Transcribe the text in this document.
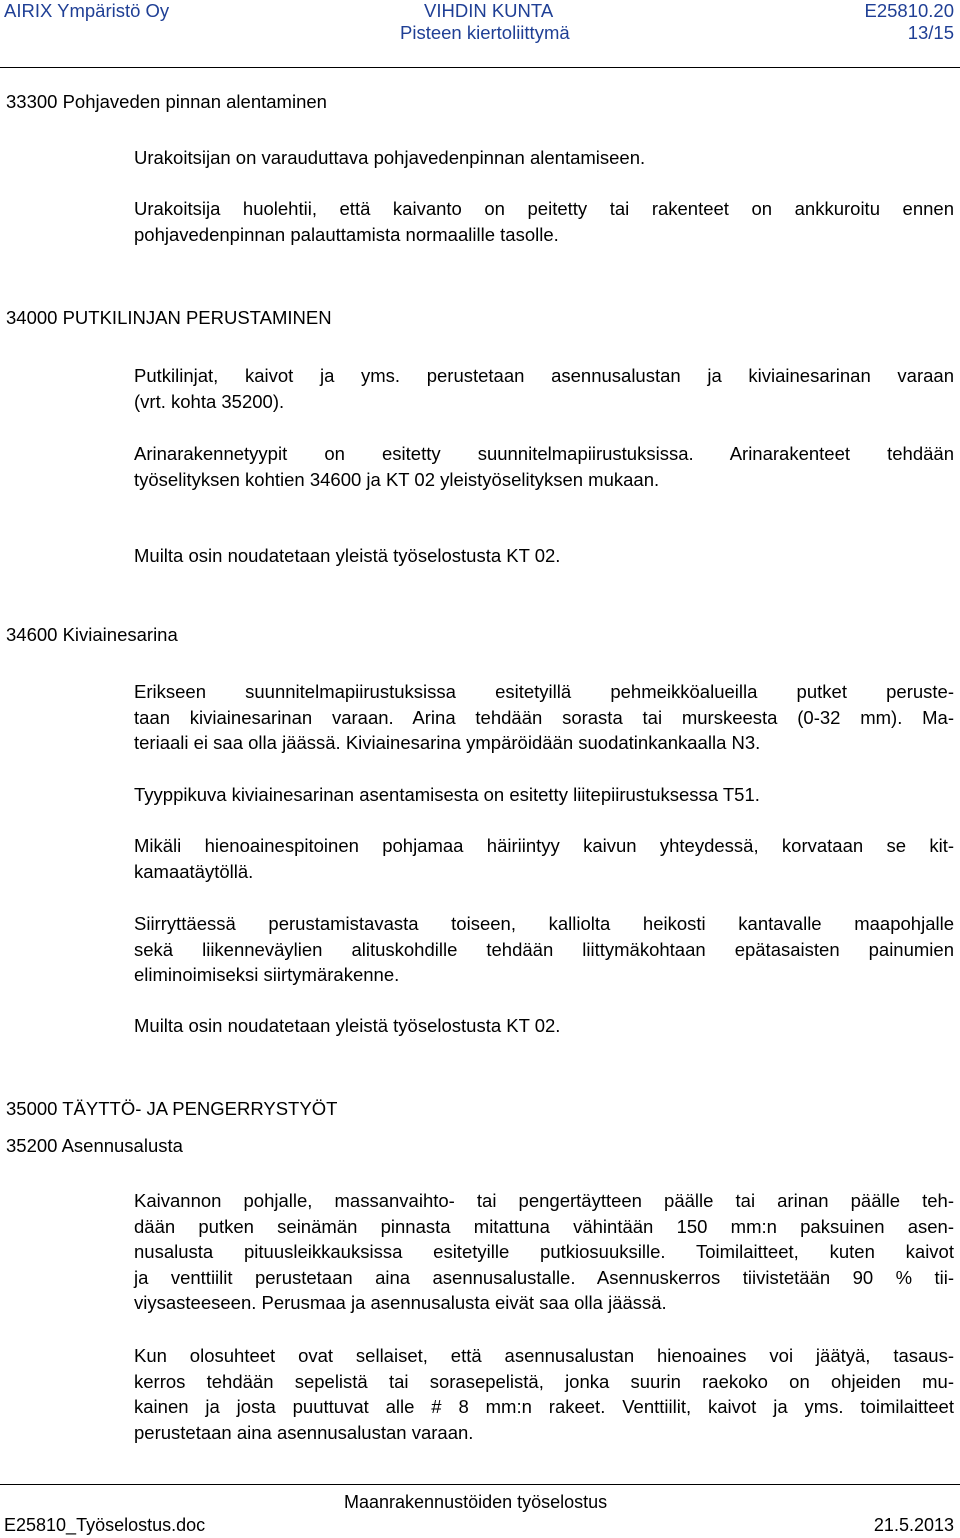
AIRIX Ympäristö Oy	VIHDIN KUNTA
Pisteen kiertoliittymä
E25810.20
13/15
33300 Pohjaveden pinnan alentaminen
Urakoitsijan on varauduttava pohjavedenpinnan alentamiseen.
Urakoitsija huolehtii, että kaivanto on peitetty tai rakenteet on ankkuroitu ennen
pohjavedenpinnan palauttamista normaalille tasolle.
34000 PUTKILINJAN PERUSTAMINEN
Putkilinjat, kaivot ja yms. perustetaan asennusalustan ja kiviainesarinan varaan
(vrt. kohta 35200).
Arinarakennetyypit on esitetty suunnitelmapiirustuksissa. Arinarakenteet tehdään
työselityksen kohtien 34600 ja KT 02 yleistyöselityksen mukaan.
Muilta osin noudatetaan yleistä työselostusta KT 02.
34600 Kiviainesarina
Erikseen suunnitelmapiirustuksissa esitetyillä pehmeikköalueilla putket peruste-
taan kiviainesarinan varaan. Arina tehdään sorasta tai murskeesta (0-32 mm). Ma-
teriaali ei saa olla jäässä. Kiviainesarina ympäröidään suodatinkankaalla N3.
Tyyppikuva kiviainesarinan asentamisesta on esitetty liitepiirustuksessa T51.
Mikäli hienoainespitoinen pohjamaa häiriintyy kaivun yhteydessä, korvataan se kit-
kamaatäytöllä.
Siirryttäessä perustamistavasta toiseen, kalliolta heikosti kantavalle maapohjalle
sekä liikenneväylien alituskohdille tehdään liittymäkohtaan epätasaisten painumien
eliminoimiseksi siirtymärakenne.
Muilta osin noudatetaan yleistä työselostusta KT 02.
35000 TÄYTTÖ- JA PENGERRYSTYÖT
35200 Asennusalusta
Kaivannon pohjalle, massanvaihto- tai pengertäytteen päälle tai arinan päälle teh-
dään putken seinämän pinnasta mitattuna vähintään 150 mm:n paksuinen asen-
nusalusta pituusleikkauksissa esitetyille putkiosuuksille. Toimilaitteet, kuten kaivot
ja venttiilit perustetaan aina asennusalustalle. Asennuskerros tiivistetään 90 % tii-
viysasteeseen. Perusmaa ja asennusalusta eivät saa olla jäässä.
Kun olosuhteet ovat sellaiset, että asennusalustan hienoaines voi jäätyä, tasaus-
kerros tehdään sepelistä tai sorasepelistä, jonka suurin raekoko on ohjeiden mu-
kainen ja josta puuttuvat alle # 8 mm:n rakeet. Venttiilit, kaivot ja yms. toimilaitteet
perustetaan aina asennusalustan varaan.
Maanrakennustöiden työselostus
E25810_Työselostus.doc	21.5.2013
